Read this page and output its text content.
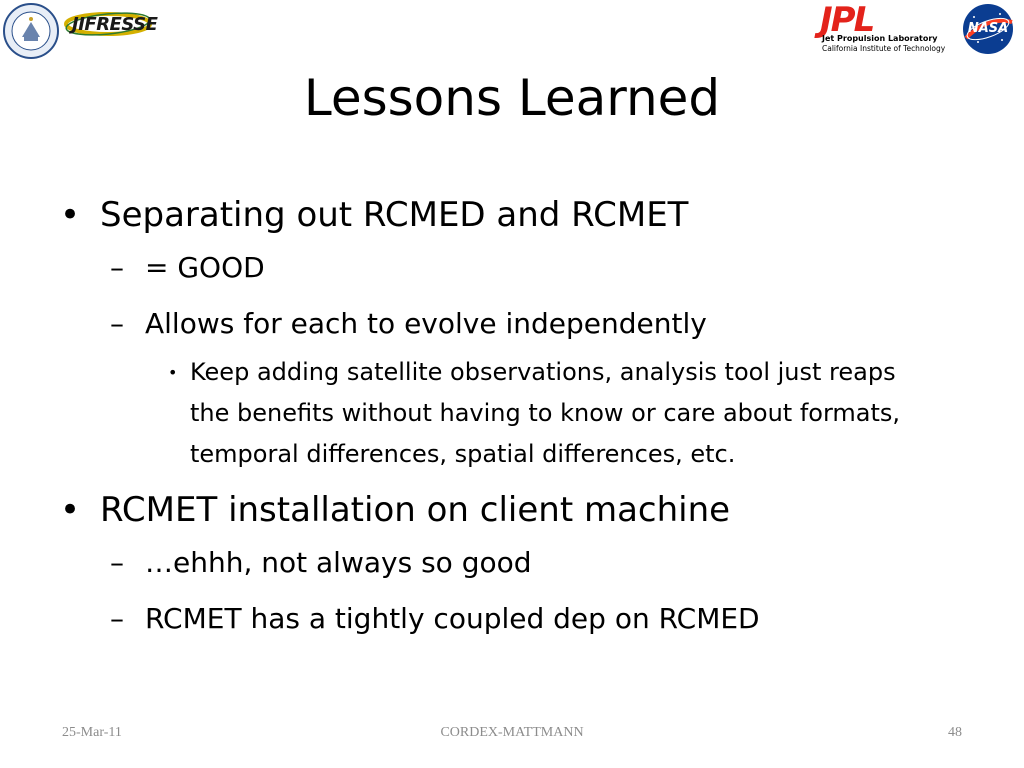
JIFRESSE	JPL
Jet Propulsion Laboratory
California Institute of Technology
NASA
Lessons Learned
• Separating out RCMED and RCMET
– = GOOD
– Allows for each to evolve independently
• Keep adding satellite observations, analysis tool just reaps the benefits without having to know or care about formats, temporal differences, spatial differences, etc.
• RCMET installation on client machine
– …ehhh, not always so good
– RCMET has a tightly coupled dep on RCMED
25-Mar-11	CORDEX-MATTMANN	48
